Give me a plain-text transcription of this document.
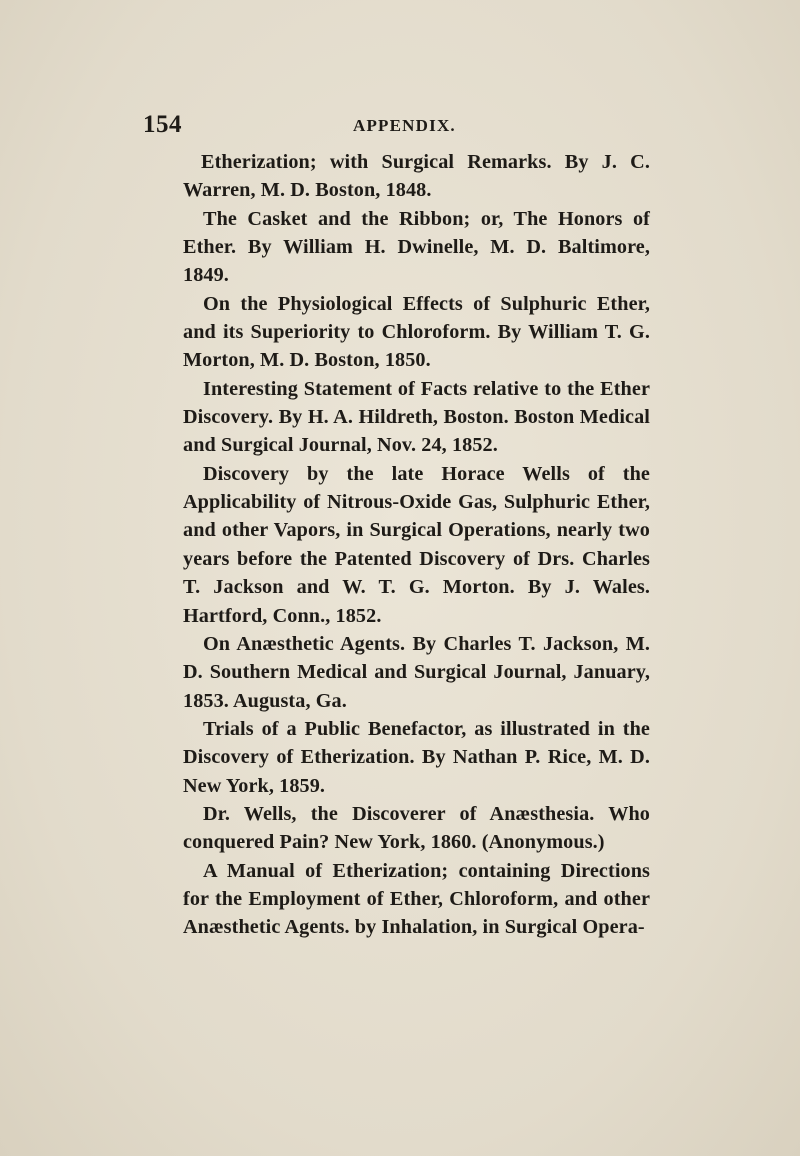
154	APPENDIX.

Etherization; with Surgical Remarks. By J. C. Warren, M. D. Boston, 1848.

The Casket and the Ribbon; or, The Honors of Ether. By William H. Dwinelle, M. D. Baltimore, 1849.

On the Physiological Effects of Sulphuric Ether, and its Superiority to Chloroform. By William T. G. Morton, M. D. Boston, 1850.

Interesting Statement of Facts relative to the Ether Discovery. By H. A. Hildreth, Boston. Boston Medical and Surgical Journal, Nov. 24, 1852.

Discovery by the late Horace Wells of the Applicability of Nitrous-Oxide Gas, Sulphuric Ether, and other Vapors, in Surgical Operations, nearly two years before the Patented Discovery of Drs. Charles T. Jackson and W. T. G. Morton. By J. Wales. Hartford, Conn., 1852.

On Anæsthetic Agents. By Charles T. Jackson, M. D. Southern Medical and Surgical Journal, January, 1853. Augusta, Ga.

Trials of a Public Benefactor, as illustrated in the Discovery of Etherization. By Nathan P. Rice, M. D. New York, 1859.

Dr. Wells, the Discoverer of Anæsthesia. Who conquered Pain? New York, 1860. (Anonymous.)

A Manual of Etherization; containing Directions for the Employment of Ether, Chloroform, and other Anæsthetic Agents. by Inhalation, in Surgical Opera-
